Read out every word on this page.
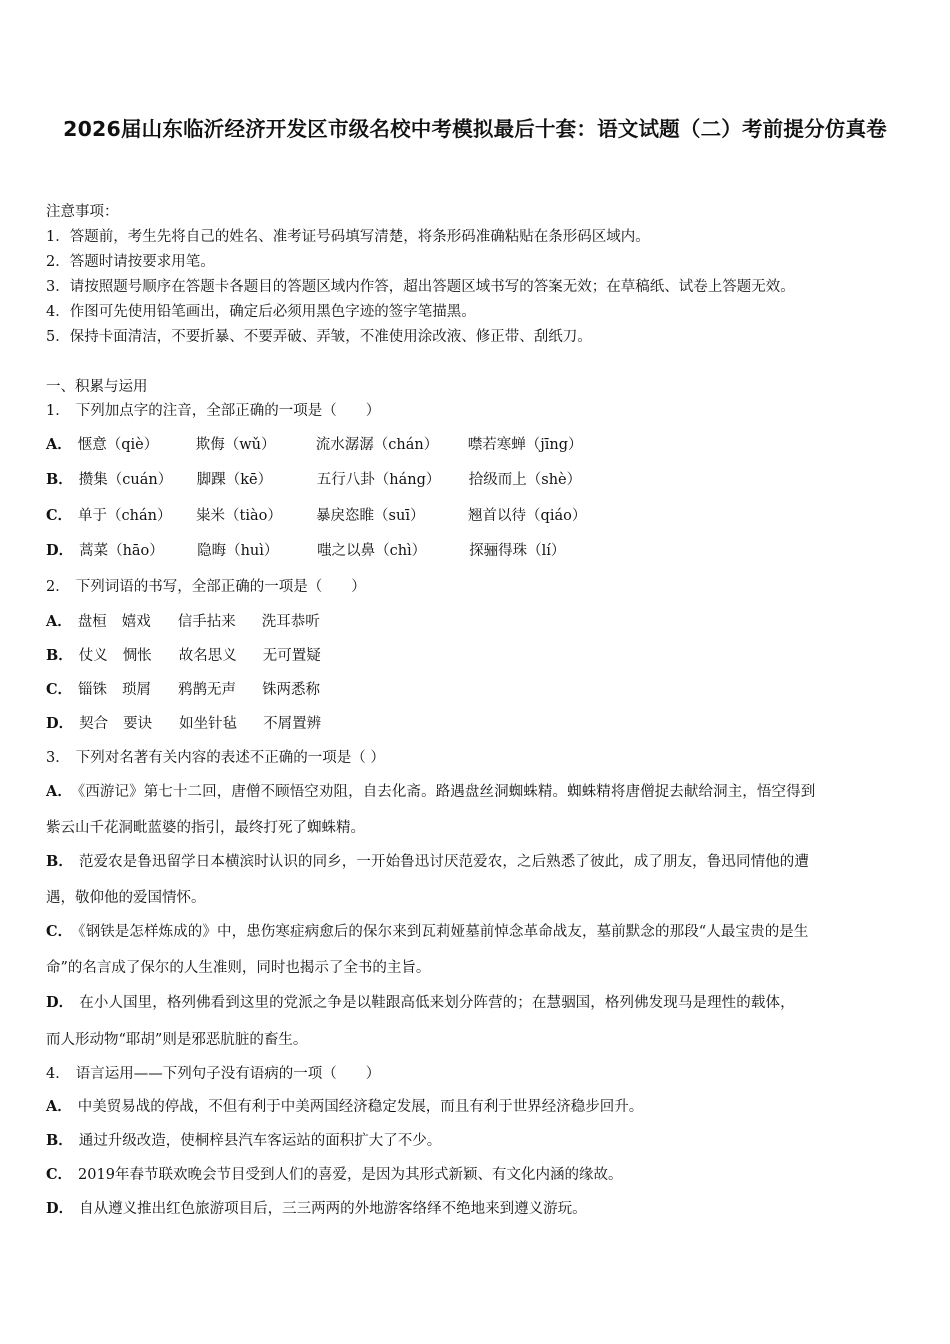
2026届山东临沂经济开发区市级名校中考模拟最后十套：语文试题（二）考前提分仿真卷
注意事项：
1．答题前，考生先将自己的姓名、准考证号码填写清楚，将条形码准确粘贴在条形码区域内。
2．答题时请按要求用笔。
3．请按照题号顺序在答题卡各题目的答题区域内作答，超出答题区域书写的答案无效；在草稿纸、试卷上答题无效。
4．作图可先使用铅笔画出，确定后必须用黑色字迹的签字笔描黑。
5．保持卡面清洁，不要折暴、不要弄破、弄皱，不准使用涂改液、修正带、刮纸刀。
一、积累与运用
1． 下列加点字的注音，全部正确的一项是（　　）
A． 惬意（qiè）	欺侮（wǔ）	流水潺潺（chán） 噤若寒蝉（jīng）
B． 攒集（cuán） 脚踝（kē）	五行八卦（háng） 拾级而上（shè）
C． 单于（chán） 粜米（tiào） 暴戾恣睢（suī）	翘首以待（qiáo）
D． 蒿菜（hāo） 隐晦（huì）	嗤之以鼻（chì）	探骊得珠（lí）
2． 下列词语的书写，全部正确的一项是（　　）
A． 盘桓 嬉戏 信手拈来 洗耳恭听
B． 仗义 惆怅 故名思义 无可置疑
C． 锱铢 琐屑 鸦鹊无声 铢两悉称
D． 契合 要诀 如坐针毡 不屑置辨
3． 下列对名著有关内容的表述不正确的一项是（ ）
A． 《西游记》第七十二回，唐僧不顾悟空劝阻，自去化斋。路遇盘丝洞蜘蛛精。蜘蛛精将唐僧捉去献给洞主，悟空得到
紫云山千花洞毗蓝婆的指引，最终打死了蜘蛛精。
B． 范爱农是鲁迅留学日本横滨时认识的同乡，一开始鲁迅讨厌范爱农，之后熟悉了彼此，成了朋友，鲁迅同情他的遭
遇，敬仰他的爱国情怀。
C． 《钢铁是怎样炼成的》中，患伤寒症病愈后的保尔来到瓦莉娅墓前悼念革命战友，墓前默念的那段“人最宝贵的是生
命”的名言成了保尔的人生准则，同时也揭示了全书的主旨。
D． 在小人国里，格列佛看到这里的党派之争是以鞋跟高低来划分阵营的；在慧骃国，格列佛发现马是理性的载体，
而人形动物“耶胡”则是邪恶肮脏的畜生。
4． 语言运用——下列句子没有语病的一项（　　）
A． 中美贸易战的停战，不但有利于中美两国经济稳定发展，而且有利于世界经济稳步回升。
B． 通过升级改造，使桐梓县汽车客运站的面积扩大了不少。
C． 2019年春节联欢晚会节目受到人们的喜爱，是因为其形式新颖、有文化内涵的缘故。
D． 自从遵义推出红色旅游项目后，三三两两的外地游客络绎不绝地来到遵义游玩。
